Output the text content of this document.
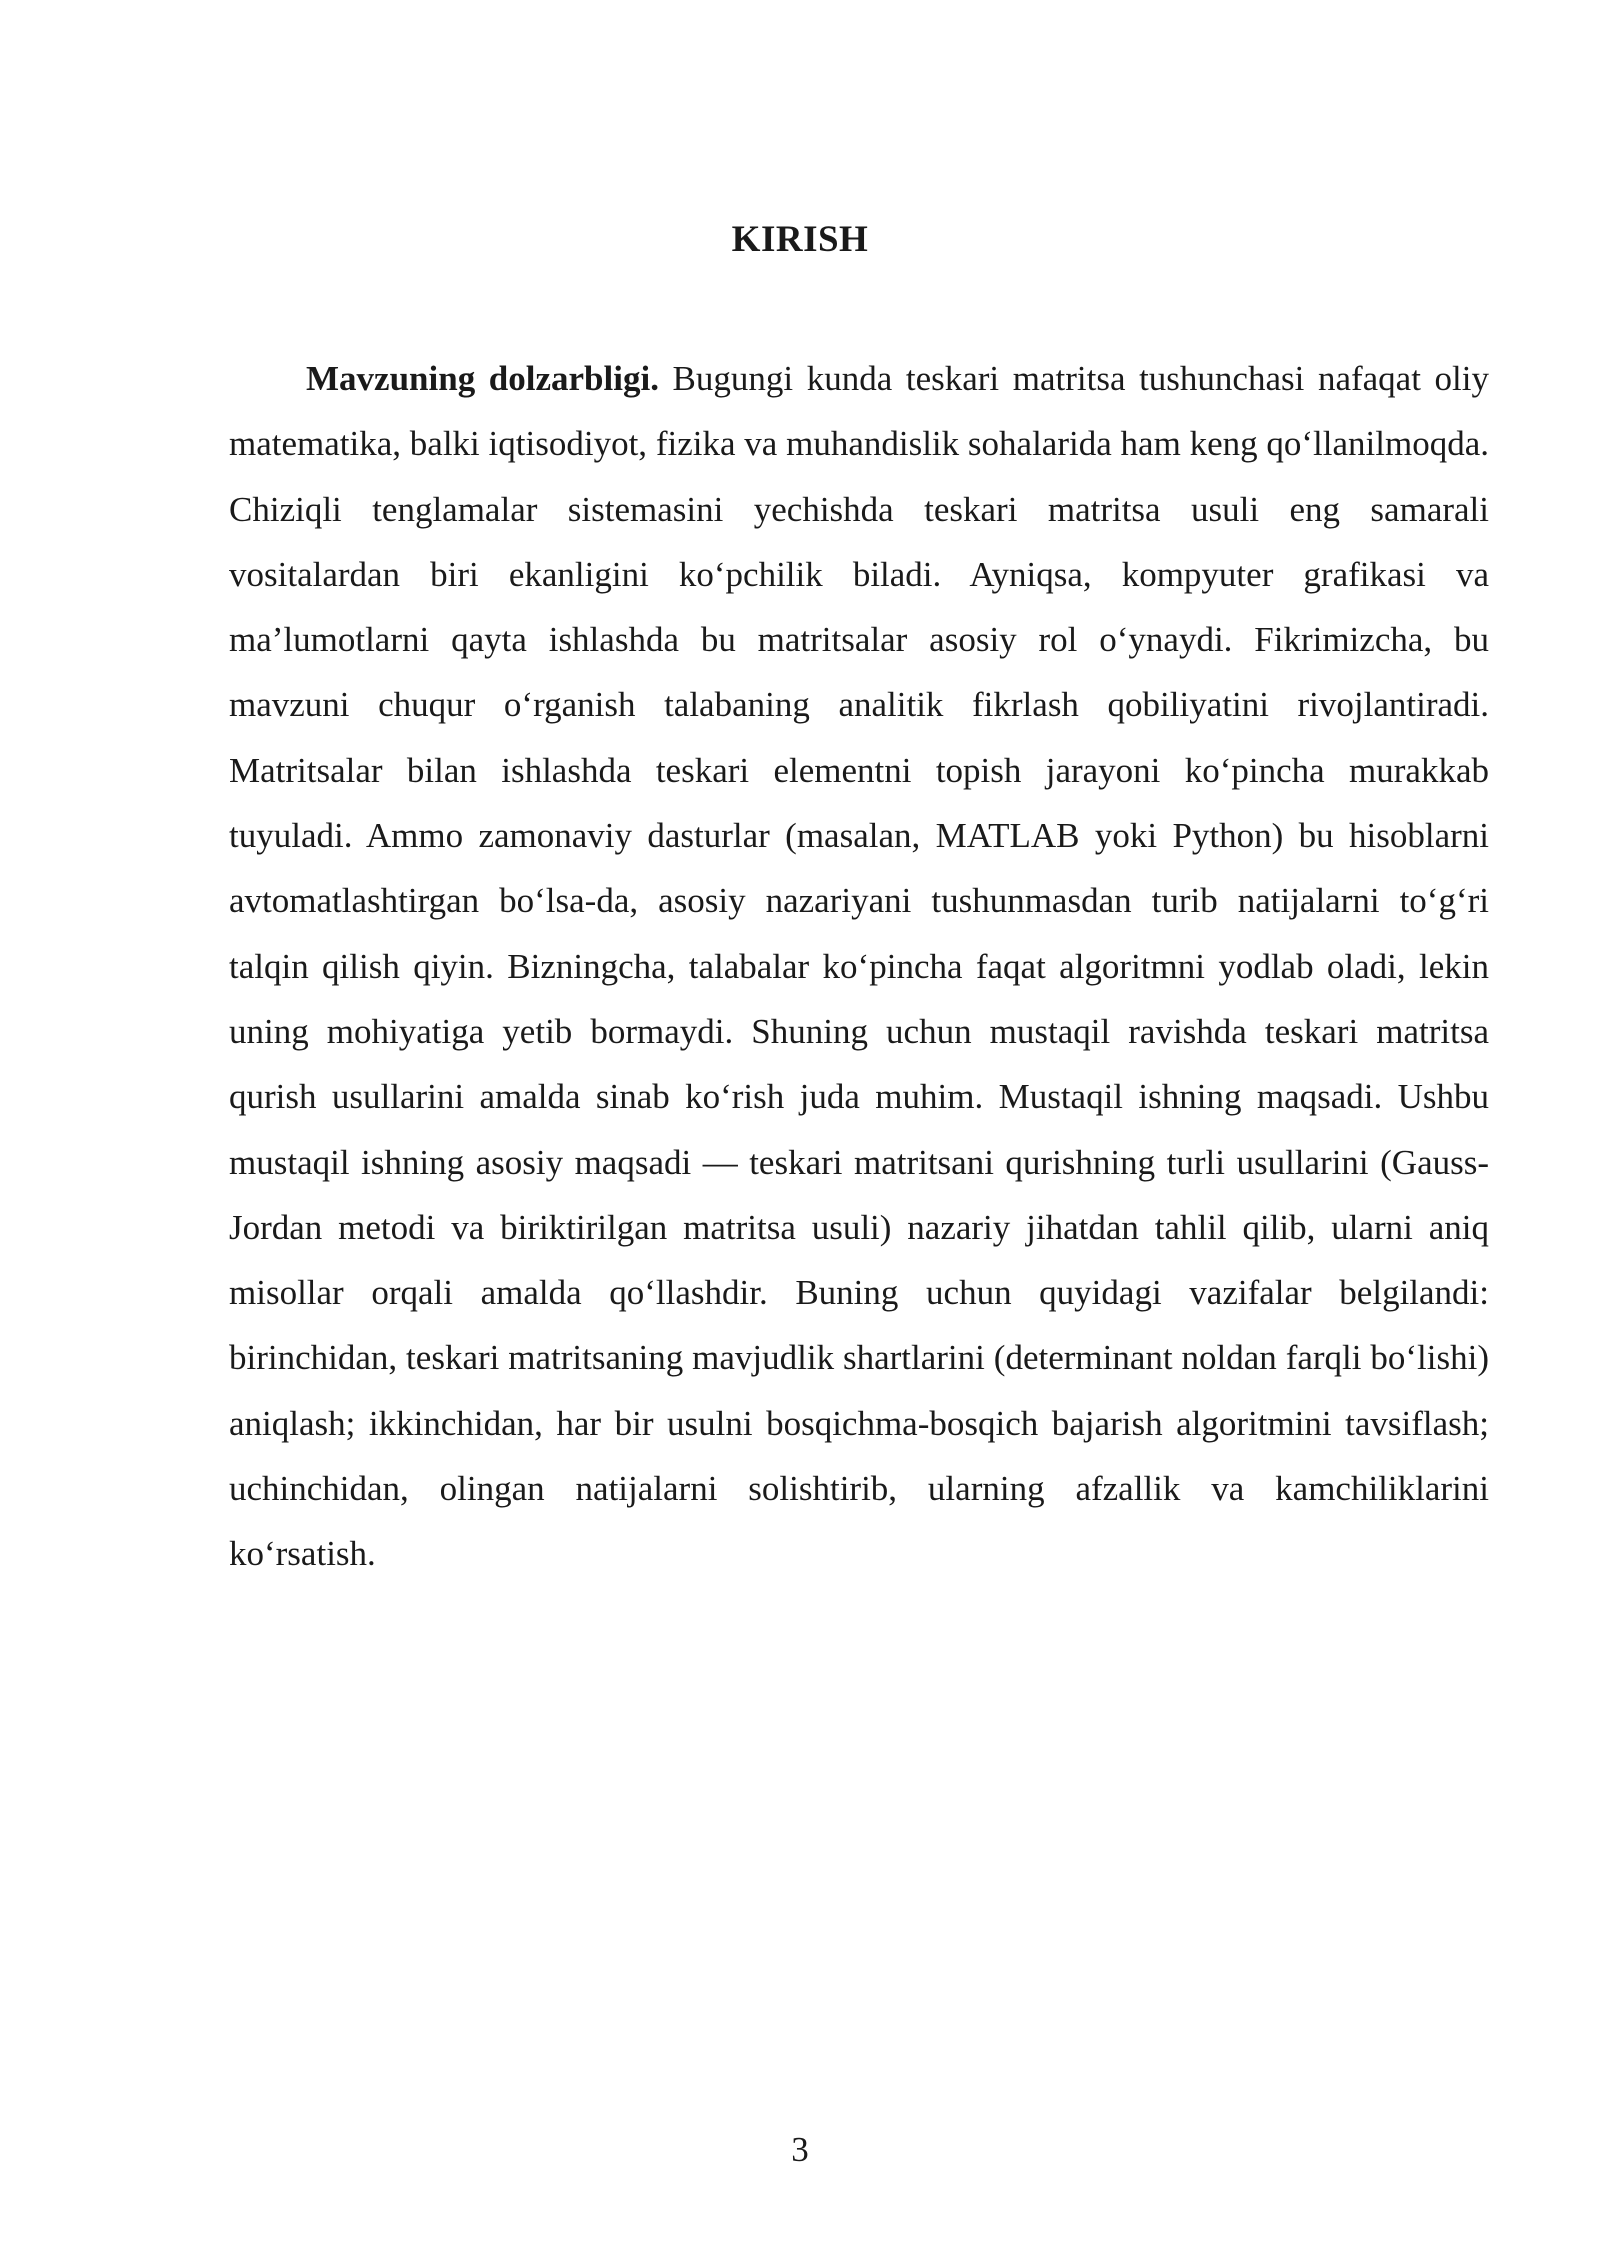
KIRISH

Mavzuning dolzarbligi. Bugungi kunda teskari matritsa tushunchasi nafaqat oliy matematika, balki iqtisodiyot, fizika va muhandislik sohalarida ham keng qo‘llanilmoqda. Chiziqli tenglamalar sistemasini yechishda teskari matritsa usuli eng samarali vositalardan biri ekanligini ko‘pchilik biladi. Ayniqsa, kompyuter grafikasi va ma’lumotlarni qayta ishlashda bu matritsalar asosiy rol o‘ynaydi. Fikrimizcha, bu mavzuni chuqur o‘rganish talabaning analitik fikrlash qobiliyatini rivojlantiradi. Matritsalar bilan ishlashda teskari elementni topish jarayoni ko‘pincha murakkab tuyuladi. Ammo zamonaviy dasturlar (masalan, MATLAB yoki Python) bu hisoblarni avtomatlashtirgan bo‘lsa-da, asosiy nazariyani tushunmasdan turib natijalarni to‘g‘ri talqin qilish qiyin. Bizningcha, talabalar ko‘pincha faqat algoritmni yodlab oladi, lekin uning mohiyatiga yetib bormaydi. Shuning uchun mustaqil ravishda teskari matritsa qurish usullarini amalda sinab ko‘rish juda muhim. Mustaqil ishning maqsadi. Ushbu mustaqil ishning asosiy maqsadi — teskari matritsani qurishning turli usullarini (Gauss-Jordan metodi va biriktirilgan matritsa usuli) nazariy jihatdan tahlil qilib, ularni aniq misollar orqali amalda qo‘llashdir. Buning uchun quyidagi vazifalar belgilandi: birinchidan, teskari matritsaning mavjudlik shartlarini (determinant noldan farqli bo‘lishi) aniqlash; ikkinchidan, har bir usulni bosqichma-bosqich bajarish algoritmini tavsiflash; uchinchidan, olingan natijalarni solishtirib, ularning afzallik va kamchiliklarini ko‘rsatish.

3
